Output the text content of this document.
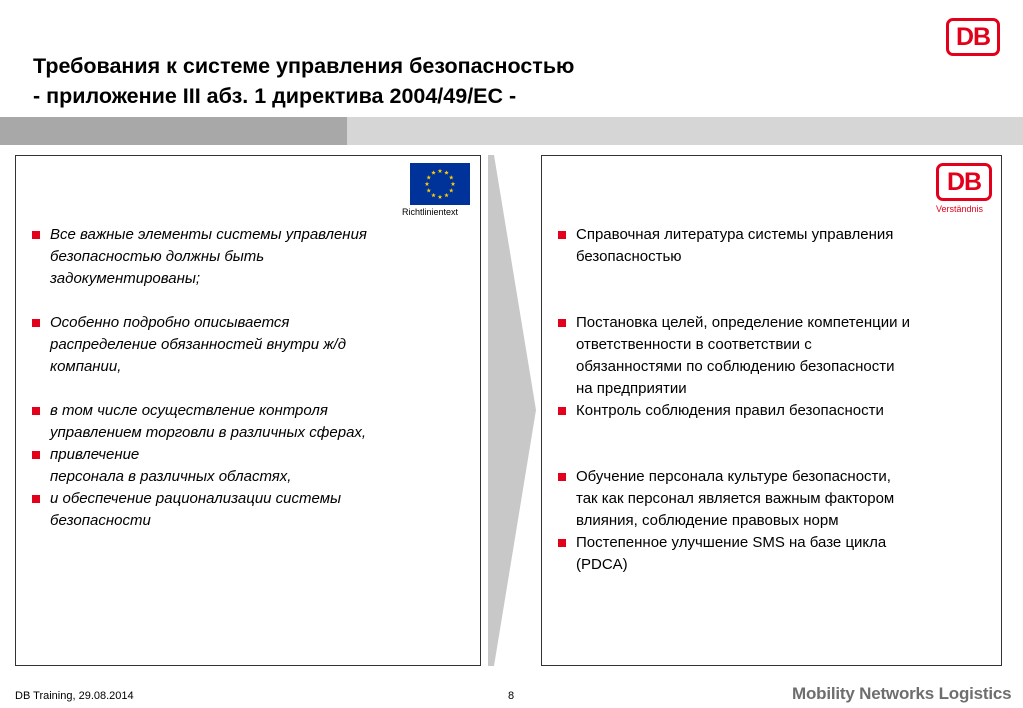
Требования к системе управления безопасностью
- приложение III абз. 1 директива 2004/49/ЕС -
DB
Richtlinientext
DB
Verständnis
Все важные элементы системы управления
безопасностью должны быть
задокументированы;
Особенно подробно описывается
распределение обязанностей внутри ж/д
компании,
в том числе осуществление контроля
управлением торговли в различных сферах,
привлечение
персонала в различных областях,
и обеспечение рационализации системы
безопасности
Справочная литература системы управления
безопасностью
Постановка целей, определение компетенции и
ответственности в соответствии с
обязанностями по соблюдению безопасности
на предприятии
Контроль соблюдения правил безопасности
Обучение персонала культуре безопасности,
так как персонал является важным фактором
влияния, соблюдение правовых норм
Постепенное улучшение SMS на базе цикла
(PDCA)
DB Training, 29.08.2014	8	Mobility Networks Logistics
